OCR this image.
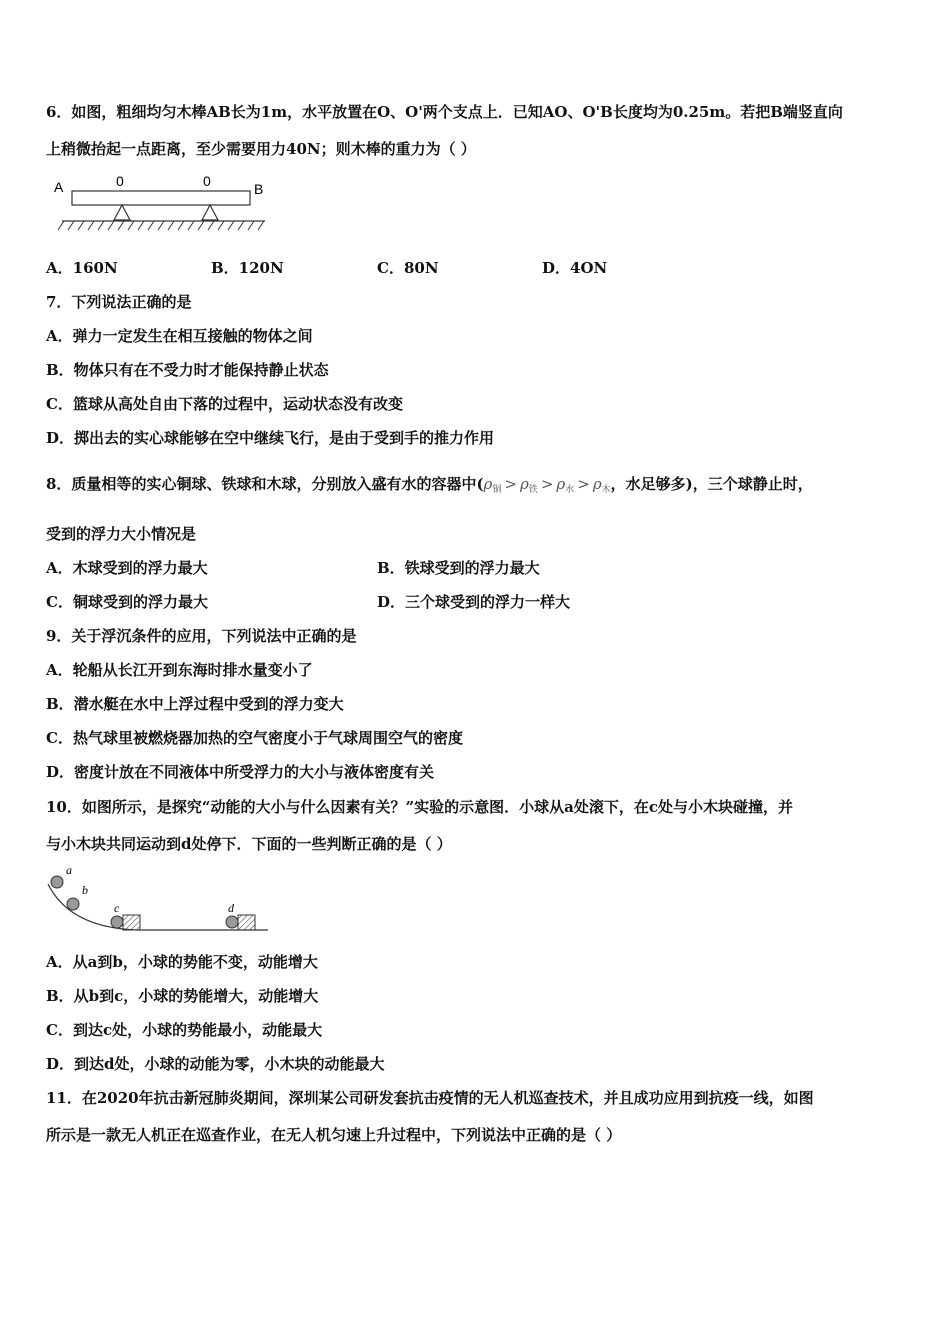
6．如图，粗细均匀木棒AB长为1m，水平放置在O、O'两个支点上．已知AO、O'B长度均为0.25m。若把B端竖直向
上稍微抬起一点距离，至少需要用力40N；则木棒的重力为（ ）
A	0	0	B
A．160N	B．120N	C．80N	D．4ON
7．下列说法正确的是
A．弹力一定发生在相互接触的物体之间
B．物体只有在不受力时才能保持静止状态
C．篮球从高处自由下落的过程中，运动状态没有改变
D．掷出去的实心球能够在空中继续飞行，是由于受到手的推力作用
8．质量相等的实心铜球、铁球和木球，分别放入盛有水的容器中($\rho_铜 > \rho_铁 > \rho_水 > \rho_木$，水足够多)，三个球静止时，
受到的浮力大小情况是
A．木球受到的浮力最大	B．铁球受到的浮力最大
C．铜球受到的浮力最大	D．三个球受到的浮力一样大
9．关于浮沉条件的应用，下列说法中正确的是
A．轮船从长江开到东海时排水量变小了
B．潜水艇在水中上浮过程中受到的浮力变大
C．热气球里被燃烧器加热的空气密度小于气球周围空气的密度
D．密度计放在不同液体中所受浮力的大小与液体密度有关
10．如图所示，是探究“动能的大小与什么因素有关？”实验的示意图．小球从a处滚下，在c处与小木块碰撞，并
与小木块共同运动到d处停下．下面的一些判断正确的是（ ）
a
b
c	d
A．从a到b，小球的势能不变，动能增大
B．从b到c，小球的势能增大，动能增大
C．到达c处，小球的势能最小，动能最大
D．到达d处，小球的动能为零，小木块的动能最大
11．在2020年抗击新冠肺炎期间，深圳某公司研发套抗击疫情的无人机巡查技术，并且成功应用到抗疫一线，如图
所示是一款无人机正在巡查作业，在无人机匀速上升过程中，下列说法中正确的是（ ）
